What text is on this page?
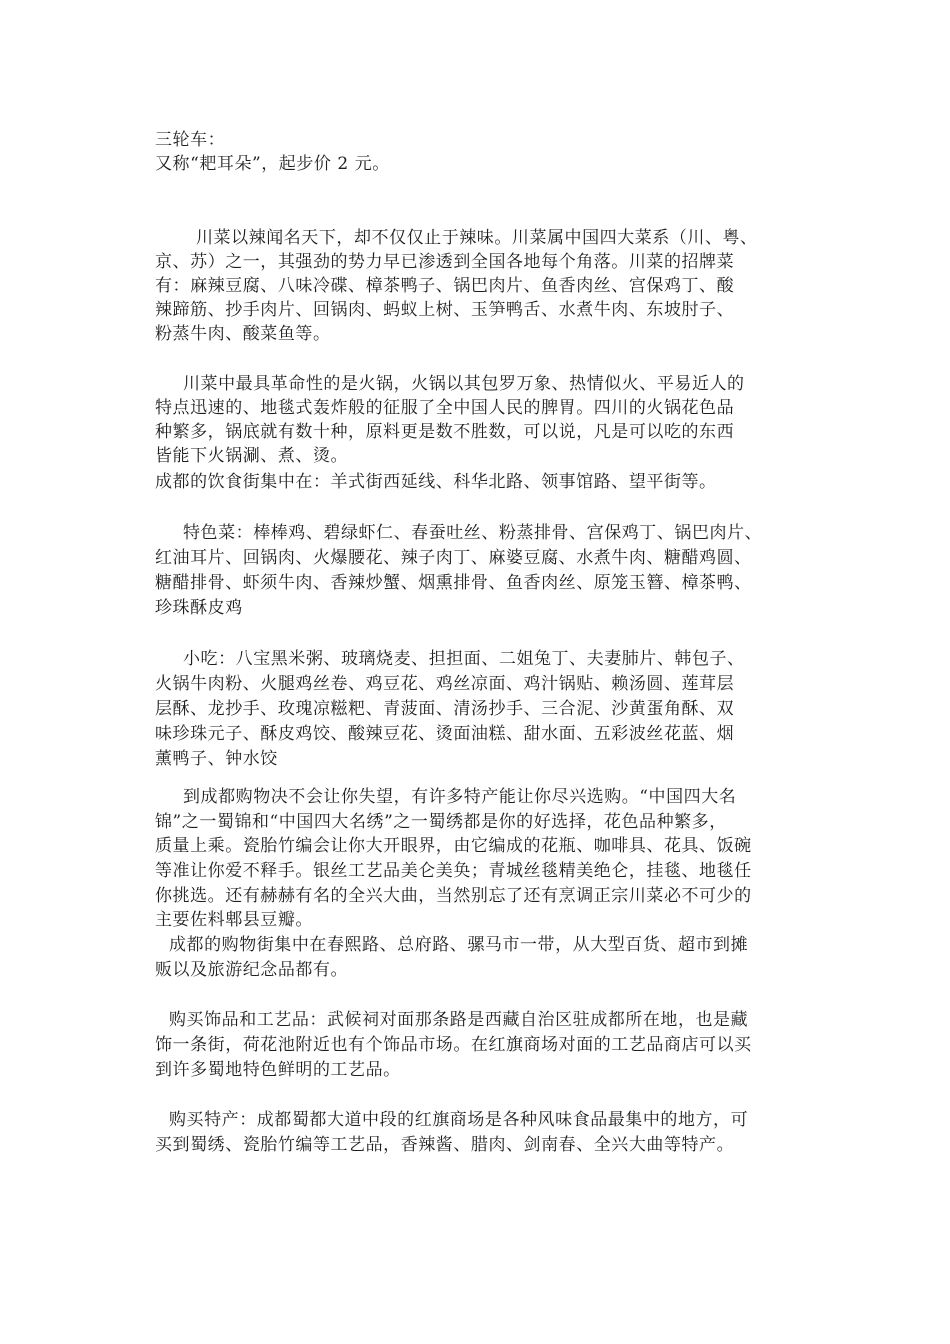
三轮车：
又称“耙耳朵”，起步价 2 元。
川菜以辣闻名天下，却不仅仅止于辣味。川菜属中国四大菜系（川、粤、
京、苏）之一，其强劲的势力早已渗透到全国各地每个角落。川菜的招牌菜
有：麻辣豆腐、八味冷碟、樟茶鸭子、锅巴肉片、鱼香肉丝、宫保鸡丁、酸
辣蹄筋、抄手肉片、回锅肉、蚂蚁上树、玉笋鸭舌、水煮牛肉、东坡肘子、
粉蒸牛肉、酸菜鱼等。
川菜中最具革命性的是火锅，火锅以其包罗万象、热情似火、平易近人的
特点迅速的、地毯式轰炸般的征服了全中国人民的脾胃。四川的火锅花色品
种繁多，锅底就有数十种，原料更是数不胜数，可以说，凡是可以吃的东西
皆能下火锅涮、煮、烫。
成都的饮食街集中在：羊式街西延线、科华北路、领事馆路、望平街等。
特色菜：棒棒鸡、碧绿虾仁、春蚕吐丝、粉蒸排骨、宫保鸡丁、锅巴肉片、
红油耳片、回锅肉、火爆腰花、辣子肉丁、麻婆豆腐、水煮牛肉、糖醋鸡圆、
糖醋排骨、虾须牛肉、香辣炒蟹、烟熏排骨、鱼香肉丝、原笼玉簪、樟茶鸭、
珍珠酥皮鸡
小吃：八宝黑米粥、玻璃烧麦、担担面、二姐兔丁、夫妻肺片、韩包子、
火锅牛肉粉、火腿鸡丝卷、鸡豆花、鸡丝凉面、鸡汁锅贴、赖汤圆、莲茸层
层酥、龙抄手、玫瑰凉糍粑、青菠面、清汤抄手、三合泥、沙黄蛋角酥、双
味珍珠元子、酥皮鸡饺、酸辣豆花、烫面油糕、甜水面、五彩波丝花蓝、烟
薰鸭子、钟水饺
到成都购物决不会让你失望，有许多特产能让你尽兴选购。“中国四大名
锦”之一蜀锦和“中国四大名绣”之一蜀绣都是你的好选择，花色品种繁多，
质量上乘。瓷胎竹编会让你大开眼界，由它编成的花瓶、咖啡具、花具、饭碗
等准让你爱不释手。银丝工艺品美仑美奂；青城丝毯精美绝仑，挂毯、地毯任
你挑选。还有赫赫有名的全兴大曲，当然别忘了还有烹调正宗川菜必不可少的
主要佐料郫县豆瓣。
成都的购物街集中在春熙路、总府路、骡马市一带，从大型百货、超市到摊
贩以及旅游纪念品都有。
购买饰品和工艺品：武候祠对面那条路是西藏自治区驻成都所在地，也是藏
饰一条街，荷花池附近也有个饰品市场。在红旗商场对面的工艺品商店可以买
到许多蜀地特色鲜明的工艺品。
购买特产：成都蜀都大道中段的红旗商场是各种风味食品最集中的地方，可
买到蜀绣、瓷胎竹编等工艺品，香辣酱、腊肉、剑南春、全兴大曲等特产。
